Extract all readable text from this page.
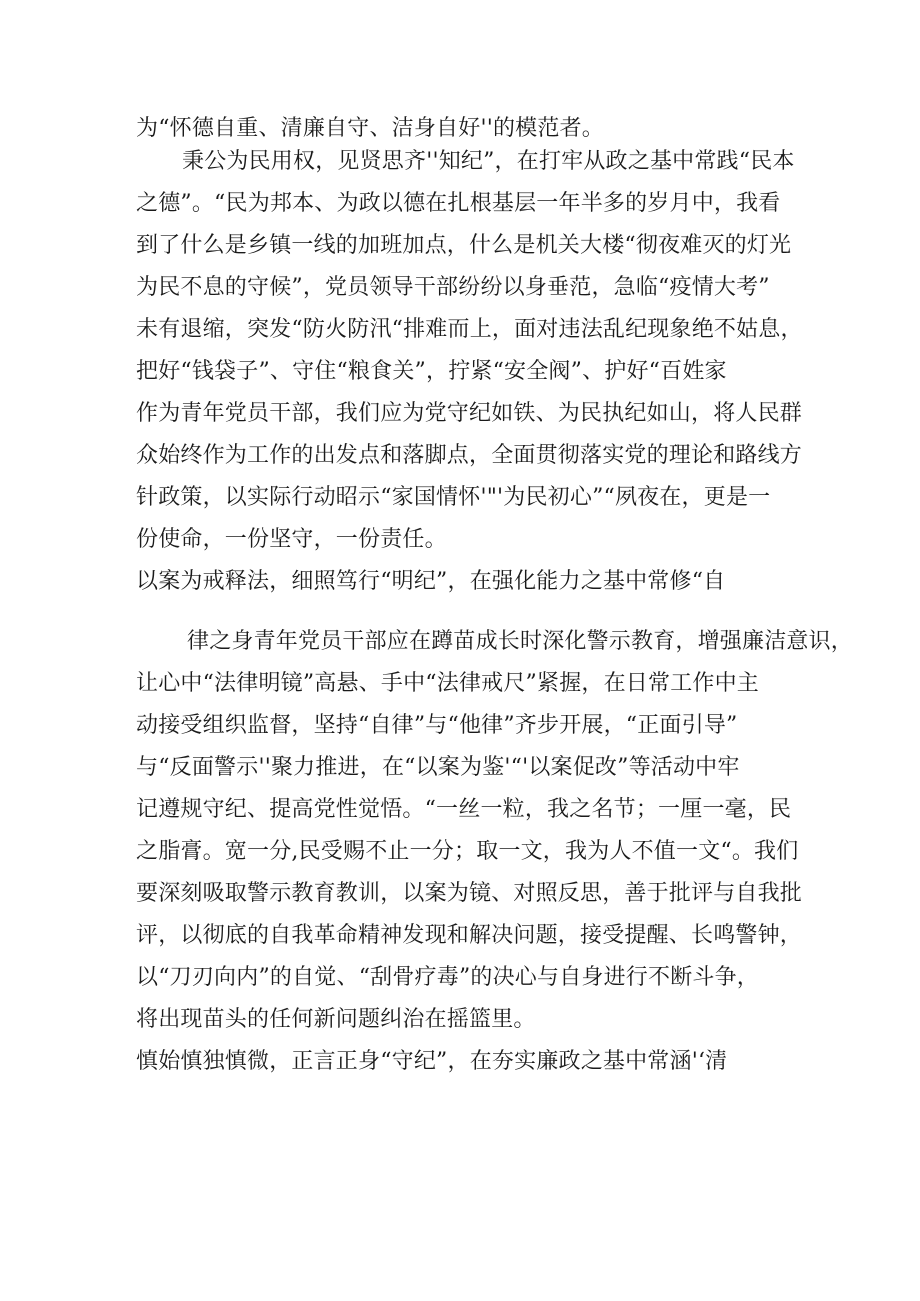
为“怀德自重、清廉自守、洁身自好''的模范者。
秉公为民用权，见贤思齐''知纪”，在打牢从政之基中常践“民本
之德”。“民为邦本、为政以德在扎根基层一年半多的岁月中，我看
到了什么是乡镇一线的加班加点，什么是机关大楼“彻夜难灭的灯光
为民不息的守候”，党员领导干部纷纷以身垂范，急临“疫情大考”
未有退缩，突发“防火防汛“排难而上，面对违法乱纪现象绝不姑息，
把好“钱袋子”、守住“粮食关”，拧紧“安全阀”、护好“百姓家
作为青年党员干部，我们应为党守纪如铁、为民执纪如山，将人民群
众始终作为工作的出发点和落脚点，全面贯彻落实党的理论和路线方
针政策，以实际行动昭示“家国情怀'"'为民初心”“夙夜在，更是一
份使命，一份坚守，一份责任。
以案为戒释法，细照笃行“明纪”，在强化能力之基中常修“自
律之身青年党员干部应在蹲苗成长时深化警示教育，增强廉洁意识，
让心中“法律明镜”高悬、手中“法律戒尺”紧握，在日常工作中主
动接受组织监督，坚持“自律”与“他律”齐步开展，“正面引导”
与“反面警示''聚力推进，在“以案为鉴'“'以案促改”等活动中牢
记遵规守纪、提高党性觉悟。“一丝一粒，我之名节；一厘一毫，民
之脂膏。宽一分,民受赐不止一分；取一文，我为人不值一文“。我们
要深刻吸取警示教育教训，以案为镜、对照反思，善于批评与自我批
评，以彻底的自我革命精神发现和解决问题，接受提醒、长鸣警钟，
以“刀刃向内”的自觉、“刮骨疗毒”的决心与自身进行不断斗争，
将出现苗头的任何新问题纠治在摇篮里。
慎始慎独慎微，正言正身“守纪”，在夯实廉政之基中常涵'‘清
